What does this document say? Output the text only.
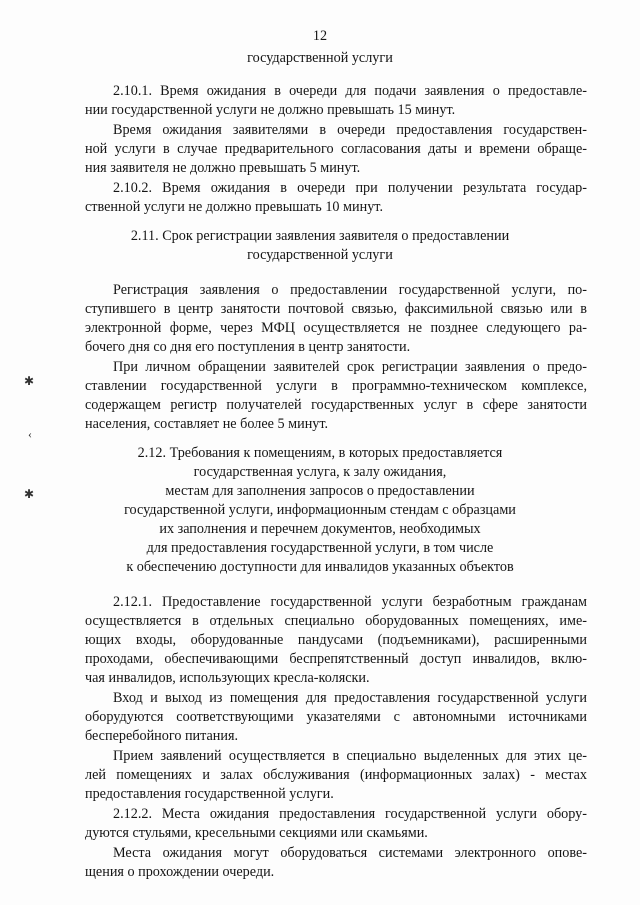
12
государственной услуги
2.10.1. Время ожидания в очереди для подачи заявления о предоставле-
нии государственной услуги не должно превышать 15 минут.
Время ожидания заявителями в очереди предоставления государствен-
ной услуги в случае предварительного согласования даты и времени обраще-
ния заявителя не должно превышать 5 минут.
2.10.2. Время ожидания в очереди при получении результата государ-
ственной услуги не должно превышать 10 минут.
2.11. Срок регистрации заявления заявителя о предоставлении
государственной услуги
Регистрация заявления о предоставлении государственной услуги, по-
ступившего в центр занятости почтовой связью, факсимильной связью или в
электронной форме, через МФЦ осуществляется не позднее следующего ра-
бочего дня со дня его поступления в центр занятости.
При личном обращении заявителей срок регистрации заявления о предо-
ставлении государственной услуги в программно-техническом комплексе,
содержащем регистр получателей государственных услуг в сфере занятости
населения, составляет не более 5 минут.
2.12. Требования к помещениям, в которых предоставляется
государственная услуга, к залу ожидания,
местам для заполнения запросов о предоставлении
государственной услуги, информационным стендам с образцами
их заполнения и перечнем документов, необходимых
для предоставления государственной услуги, в том числе
к обеспечению доступности для инвалидов указанных объектов
2.12.1. Предоставление государственной услуги безработным гражданам
осуществляется в отдельных специально оборудованных помещениях, име-
ющих входы, оборудованные пандусами (подъемниками), расширенными
проходами, обеспечивающими беспрепятственный доступ инвалидов, вклю-
чая инвалидов, использующих кресла-коляски.
Вход и выход из помещения для предоставления государственной услуги
оборудуются соответствующими указателями с автономными источниками
бесперебойного питания.
Прием заявлений осуществляется в специально выделенных для этих це-
лей помещениях и залах обслуживания (информационных залах) - местах
предоставления государственной услуги.
2.12.2. Места ожидания предоставления государственной услуги обору-
дуются стульями, кресельными секциями или скамьями.
Места ожидания могут оборудоваться системами электронного опове-
щения о прохождении очереди.
✱
‹
✱
